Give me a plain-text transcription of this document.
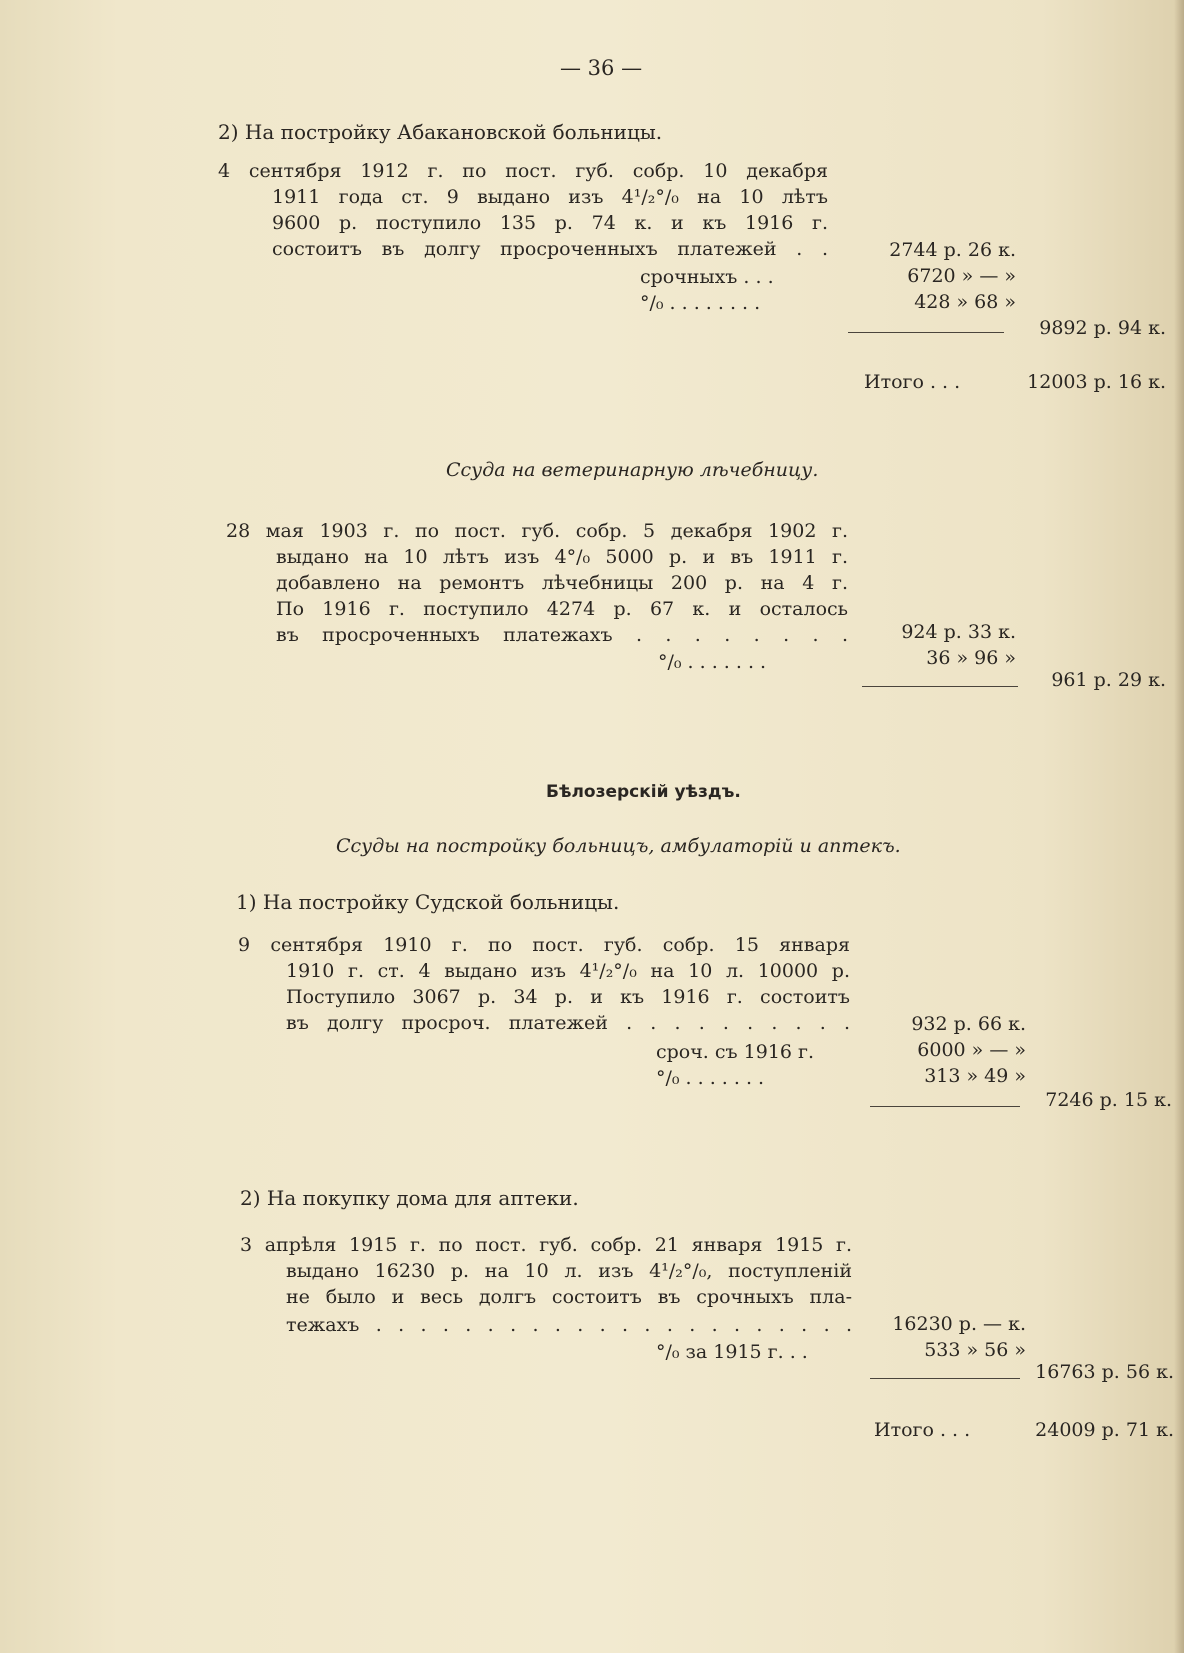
— 36 —
2) На постройку Абакановской больницы.
4 сентября 1912 г. по пост. губ. собр. 10 декабря
1911 года ст. 9 выдано изъ 4¹/₂°/₀ на 10 лѣтъ
9600 р. поступило 135 р. 74 к. и къ 1916 г.
состоитъ въ долгу просроченныхъ платежей . .
срочныхъ . . .
°/₀ . . . . . . . .
2744 р. 26 к.
6720 » — »
428 » 68 »
9892 р. 94 к.
Итого . . .	12003 р. 16 к.
Ссуда на ветеринарную лѣчебницу.
28 мая 1903 г. по пост. губ. собр. 5 декабря 1902 г.
выдано на 10 лѣтъ изъ 4°/₀ 5000 р. и въ 1911 г.
добавлено на ремонтъ лѣчебницы 200 р. на 4 г.
По 1916 г. поступило 4274 р. 67 к. и осталось
въ просроченныхъ платежахъ . . . . . . . .
°/₀ . . . . . . .
924 р. 33 к.
36 » 96 »
961 р. 29 к.
Бѣлозерскій уѣздъ.
Ссуды на постройку больницъ, амбулаторій и аптекъ.
1) На постройку Судской больницы.
9 сентября 1910 г. по пост. губ. собр. 15 января
1910 г. ст. 4 выдано изъ 4¹/₂°/₀ на 10 л. 10000 р.
Поступило 3067 р. 34 р. и къ 1916 г. состоитъ
въ долгу просроч. платежей . . . . . . . . . .
сроч. съ 1916 г.
°/₀ . . . . . . .
932 р. 66 к.
6000 » — »
313 » 49 »
7246 р. 15 к.
2) На покупку дома для аптеки.
3 апрѣля 1915 г. по пост. губ. собр. 21 января 1915 г.
выдано 16230 р. на 10 л. изъ 4¹/₂°/₀, поступленій
не было и весь долгъ состоитъ въ срочныхъ пла-
тежахъ . . . . . . . . . . . . . . . . . . . . . .
°/₀ за 1915 г. . .
16230 р. — к.
533 » 56 »
16763 р. 56 к.
Итого . . .	24009 р. 71 к.
